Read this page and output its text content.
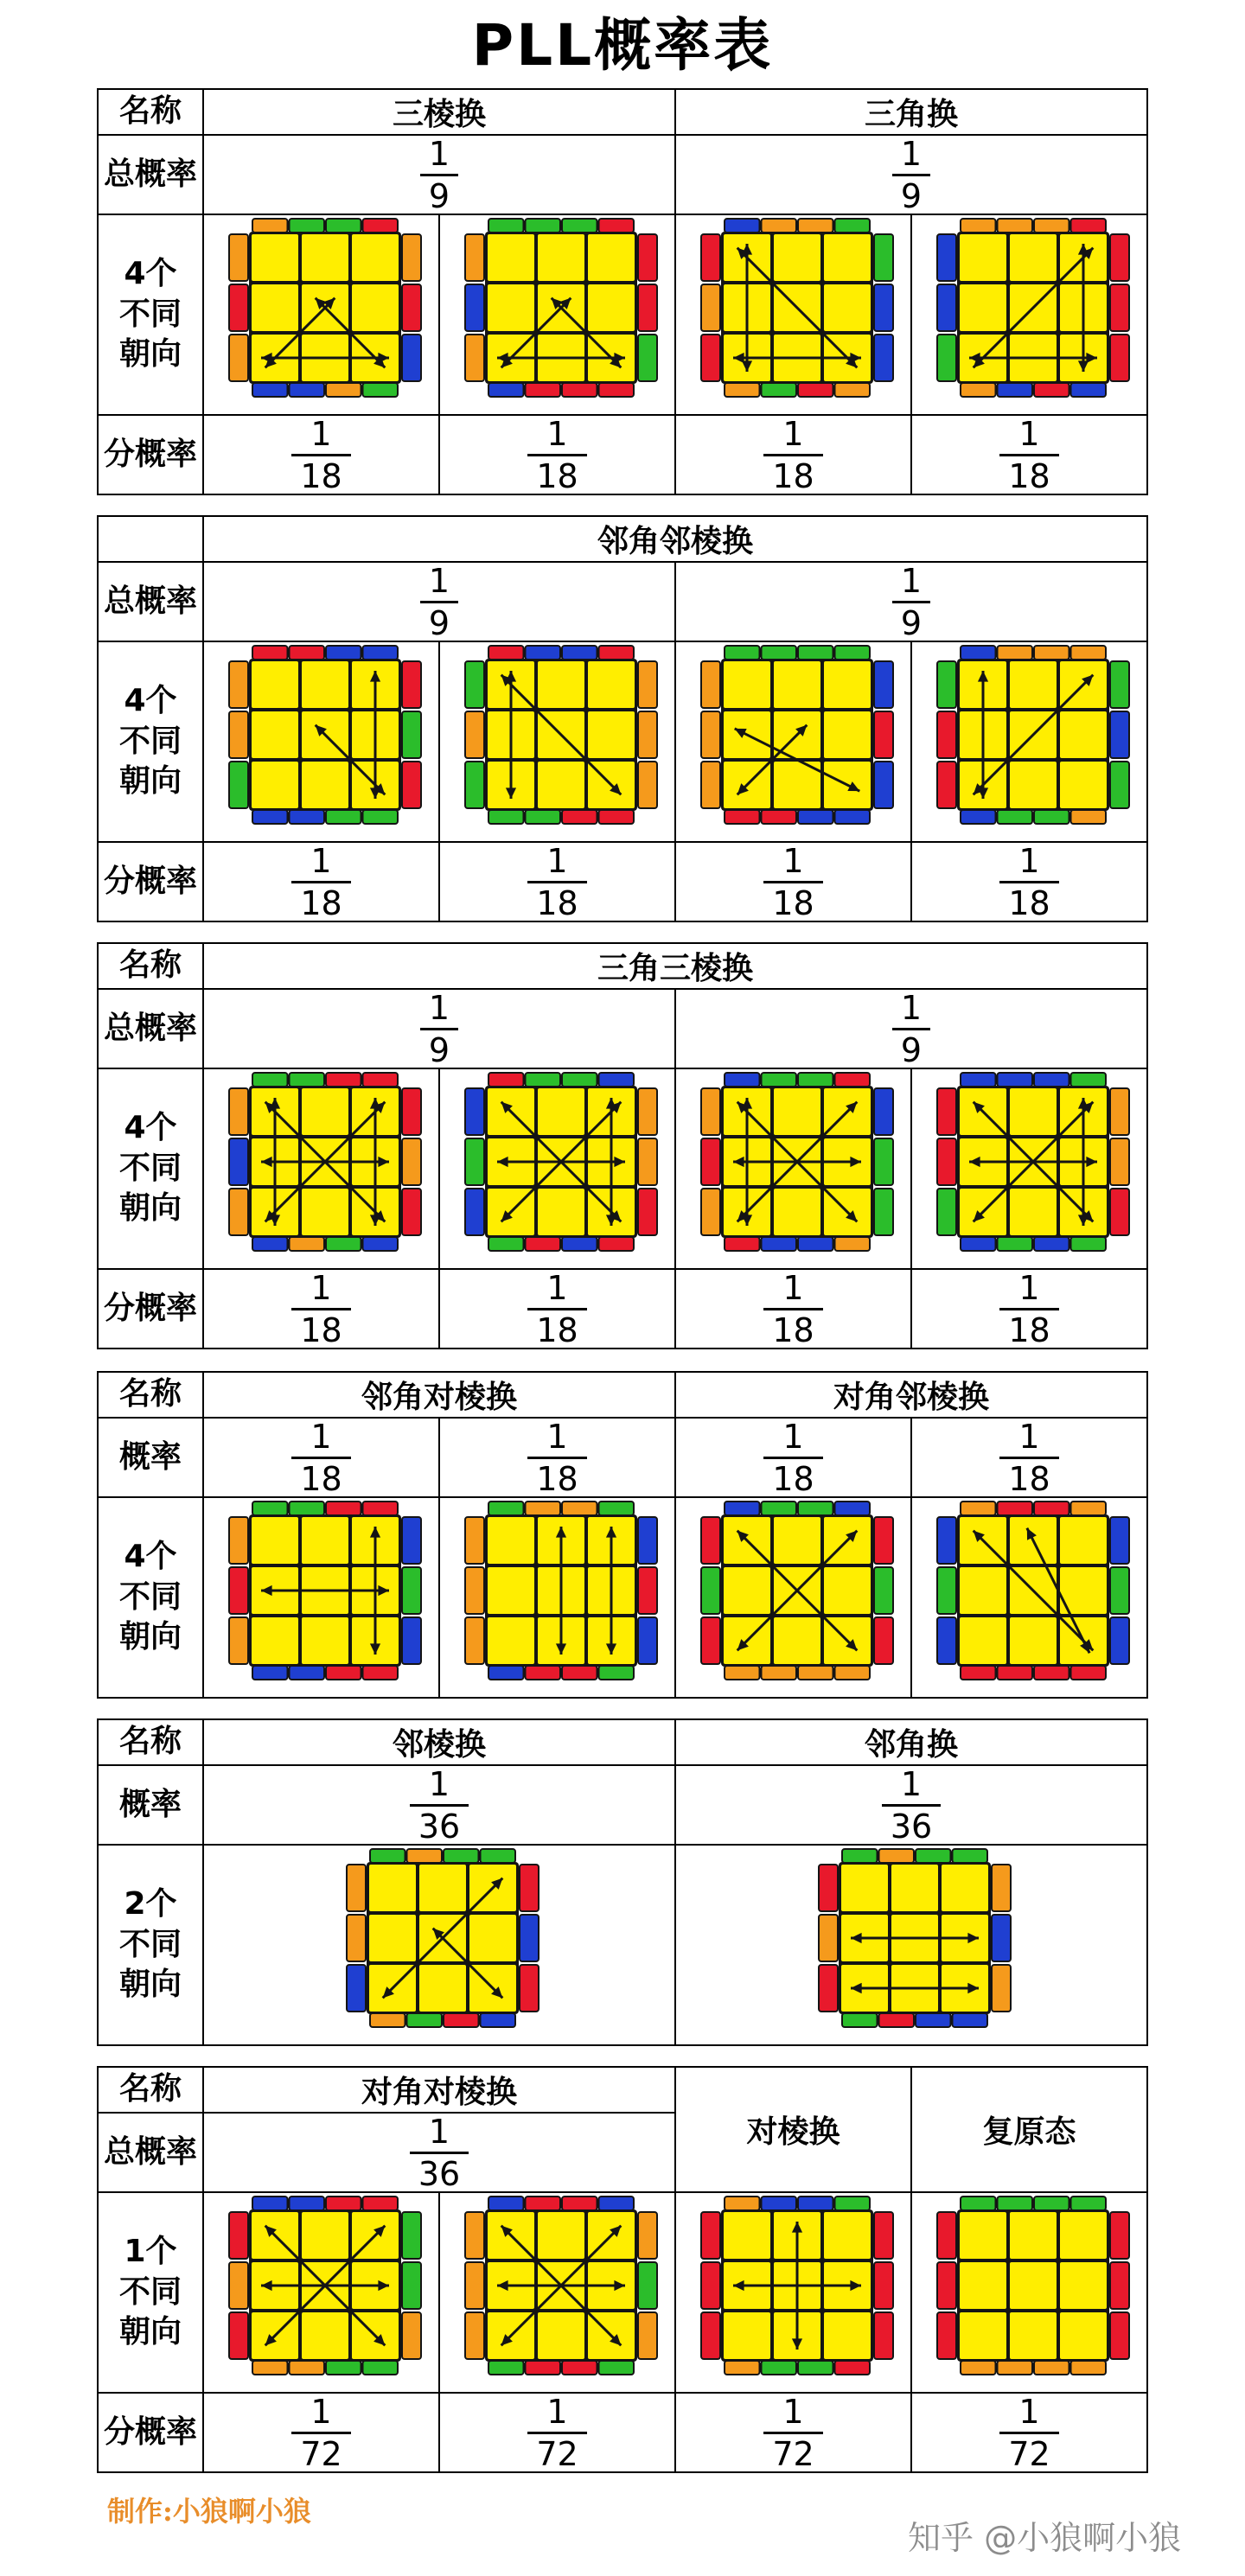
PLL概率表
名称	三棱换		三角换	
总概率	$\frac{1}{9}$		$\frac{1}{9}$

4个
不同
朝向	

分概率	$\frac{1}{18}$	$\frac{1}{18}$	$\frac{1}{18}$	$\frac{1}{18}$
	邻角邻棱换			
总概率	$\frac{1}{9}$		$\frac{1}{9}$

4个
不同
朝向	

分概率	$\frac{1}{18}$	$\frac{1}{18}$	$\frac{1}{18}$	$\frac{1}{18}$
名称	三角三棱换			
总概率	$\frac{1}{9}$		$\frac{1}{9}$

4个
不同
朝向	

分概率	$\frac{1}{18}$	$\frac{1}{18}$	$\frac{1}{18}$	$\frac{1}{18}$
名称	邻角对棱换		对角邻棱换	
概率	$\frac{1}{18}$	$\frac{1}{18}$	$\frac{1}{18}$	$\frac{1}{18}$

4个
不同
朝向	

名称	邻棱换	邻角换
概率	$\frac{1}{36}$	$\frac{1}{36}$

2个
不同
朝向	

名称	对角对棱换		对棱换	复原态
总概率	$\frac{1}{36}$

1个
不同
朝向	

分概率	$\frac{1}{72}$	$\frac{1}{72}$	$\frac{1}{72}$	$\frac{1}{72}$
制作:小狼啊小狼
知乎 @小狼啊小狼
